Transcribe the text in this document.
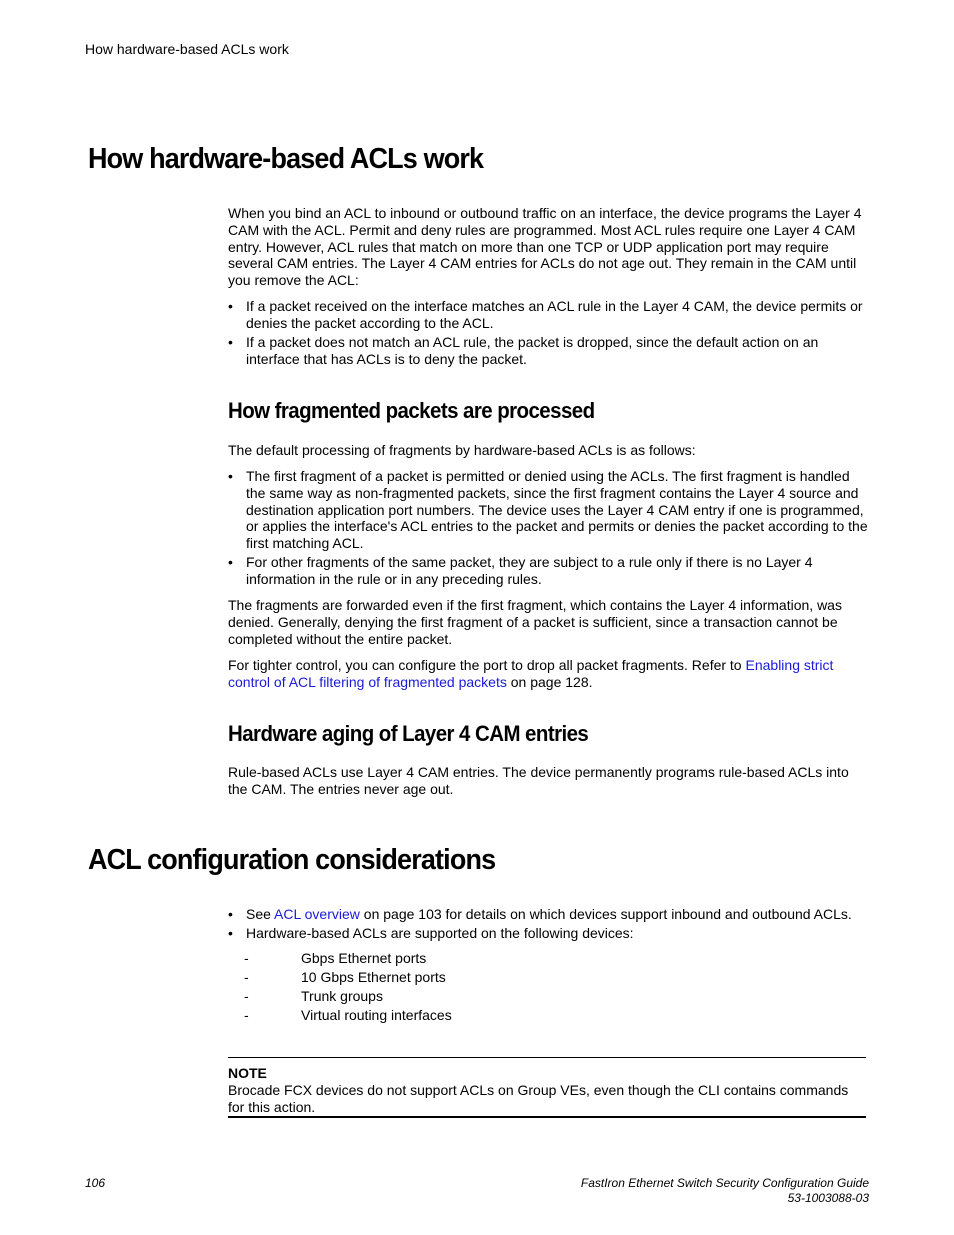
How hardware-based ACLs work
How hardware-based ACLs work

When you bind an ACL to inbound or outbound traffic on an interface, the device programs the Layer 4 CAM with the ACL. Permit and deny rules are programmed. Most ACL rules require one Layer 4 CAM entry. However, ACL rules that match on more than one TCP or UDP application port may require several CAM entries. The Layer 4 CAM entries for ACLs do not age out. They remain in the CAM until you remove the ACL:

• If a packet received on the interface matches an ACL rule in the Layer 4 CAM, the device permits or denies the packet according to the ACL.
• If a packet does not match an ACL rule, the packet is dropped, since the default action on an interface that has ACLs is to deny the packet.
How fragmented packets are processed

The default processing of fragments by hardware-based ACLs is as follows:

• The first fragment of a packet is permitted or denied using the ACLs. The first fragment is handled the same way as non-fragmented packets, since the first fragment contains the Layer 4 source and destination application port numbers. The device uses the Layer 4 CAM entry if one is programmed, or applies the interface's ACL entries to the packet and permits or denies the packet according to the first matching ACL.
• For other fragments of the same packet, they are subject to a rule only if there is no Layer 4 information in the rule or in any preceding rules.

The fragments are forwarded even if the first fragment, which contains the Layer 4 information, was denied. Generally, denying the first fragment of a packet is sufficient, since a transaction cannot be completed without the entire packet.

For tighter control, you can configure the port to drop all packet fragments. Refer to Enabling strict control of ACL filtering of fragmented packets on page 128.

Hardware aging of Layer 4 CAM entries

Rule-based ACLs use Layer 4 CAM entries. The device permanently programs rule-based ACLs into the CAM. The entries never age out.

ACL configuration considerations
• See ACL overview on page 103 for details on which devices support inbound and outbound ACLs.
• Hardware-based ACLs are supported on the following devices:
- Gbps Ethernet ports
- 10 Gbps Ethernet ports
- Trunk groups
- Virtual routing interfaces
NOTE
Brocade FCX devices do not support ACLs on Group VEs, even though the CLI contains commands for this action.
106	FastIron Ethernet Switch Security Configuration Guide
53-1003088-03
